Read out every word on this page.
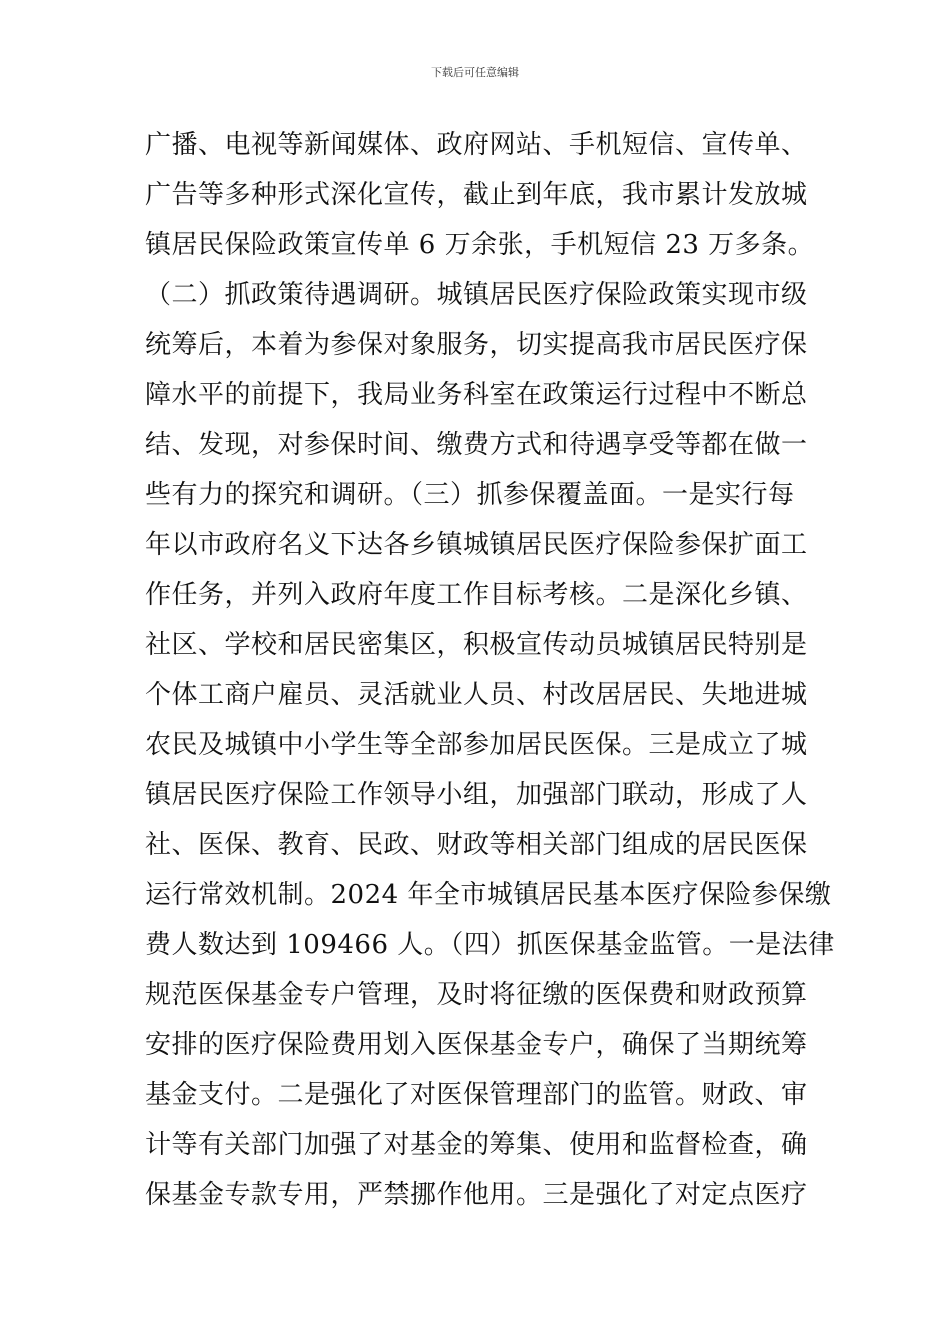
下载后可任意编辑
广播、电视等新闻媒体、政府网站、手机短信、宣传单、
广告等多种形式深化宣传，截止到年底，我市累计发放城
镇居民保险政策宣传单 6 万余张，手机短信 23 万多条。
（二）抓政策待遇调研。城镇居民医疗保险政策实现市级
统筹后，本着为参保对象服务，切实提高我市居民医疗保
障水平的前提下，我局业务科室在政策运行过程中不断总
结、发现，对参保时间、缴费方式和待遇享受等都在做一
些有力的探究和调研。（三）抓参保覆盖面。一是实行每
年以市政府名义下达各乡镇城镇居民医疗保险参保扩面工
作任务，并列入政府年度工作目标考核。二是深化乡镇、
社区、学校和居民密集区，积极宣传动员城镇居民特别是
个体工商户雇员、灵活就业人员、村改居居民、失地进城
农民及城镇中小学生等全部参加居民医保。三是成立了城
镇居民医疗保险工作领导小组，加强部门联动，形成了人
社、医保、教育、民政、财政等相关部门组成的居民医保
运行常效机制。2024 年全市城镇居民基本医疗保险参保缴
费人数达到 109466 人。（四）抓医保基金监管。一是法律
规范医保基金专户管理，及时将征缴的医保费和财政预算
安排的医疗保险费用划入医保基金专户，确保了当期统筹
基金支付。二是强化了对医保管理部门的监管。财政、审
计等有关部门加强了对基金的筹集、使用和监督检查，确
保基金专款专用，严禁挪作他用。三是强化了对定点医疗
